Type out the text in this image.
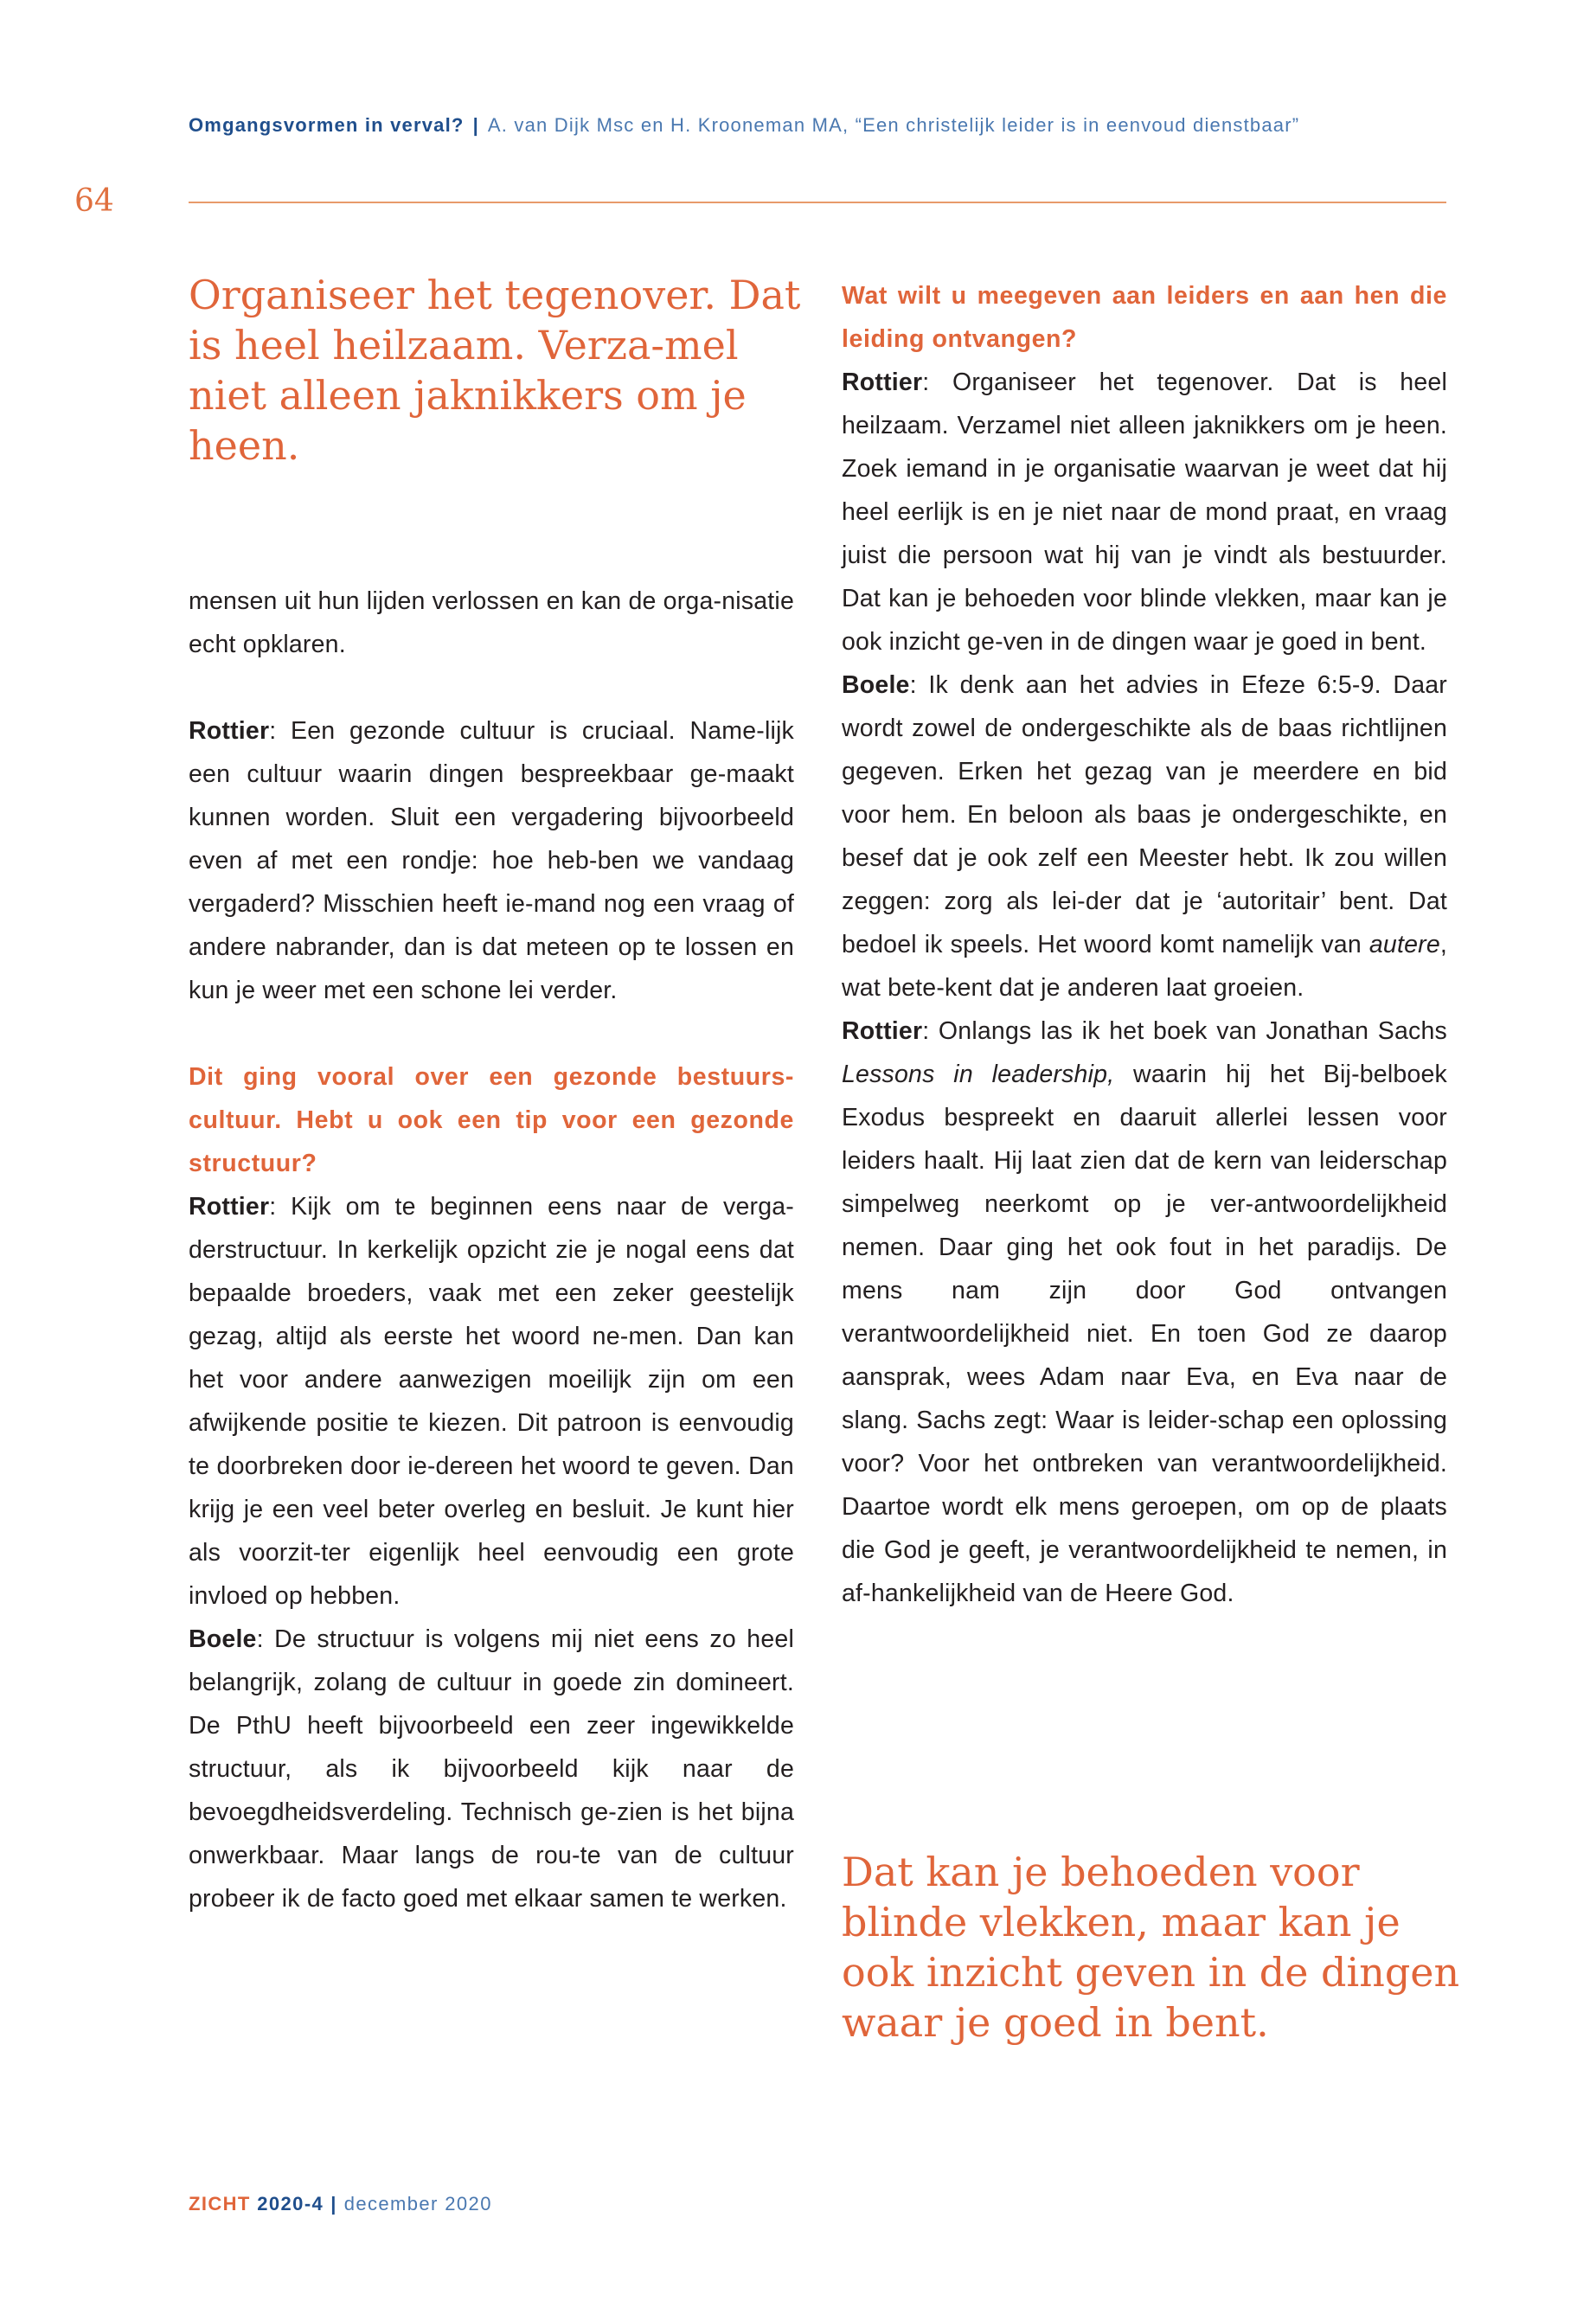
Omgangsvormen in verval? | A. van Dijk Msc en H. Krooneman MA, “Een christelijk leider is in eenvoud dienstbaar”
64

Organiseer het tegenover. Dat is heel heilzaam. Verza-mel niet alleen jaknikkers om je heen.

mensen uit hun lijden verlossen en kan de orga-nisatie echt opklaren.

Rottier: Een gezonde cultuur is cruciaal. Name-lijk een cultuur waarin dingen bespreekbaar ge-maakt kunnen worden. Sluit een vergadering bijvoorbeeld even af met een rondje: hoe heb-ben we vandaag vergaderd? Misschien heeft ie-mand nog een vraag of andere nabrander, dan is dat meteen op te lossen en kun je weer met een schone lei verder.

Dit ging vooral over een gezonde bestuurs-cultuur. Hebt u ook een tip voor een gezonde structuur?

Rottier: Kijk om te beginnen eens naar de verga-derstructuur. In kerkelijk opzicht zie je nogal eens dat bepaalde broeders, vaak met een zeker geestelijk gezag, altijd als eerste het woord ne-men. Dan kan het voor andere aanwezigen moeilijk zijn om een afwijkende positie te kiezen. Dit patroon is eenvoudig te doorbreken door ie-dereen het woord te geven. Dan krijg je een veel beter overleg en besluit. Je kunt hier als voorzit-ter eigenlijk heel eenvoudig een grote invloed op hebben.

Boele: De structuur is volgens mij niet eens zo heel belangrijk, zolang de cultuur in goede zin domineert. De PthU heeft bijvoorbeeld een zeer ingewikkelde structuur, als ik bijvoorbeeld kijk naar de bevoegdheidsverdeling. Technisch ge-zien is het bijna onwerkbaar. Maar langs de rou-te van de cultuur probeer ik de facto goed met elkaar samen te werken.

Wat wilt u meegeven aan leiders en aan hen die leiding ontvangen?

Rottier: Organiseer het tegenover. Dat is heel heilzaam. Verzamel niet alleen jaknikkers om je heen. Zoek iemand in je organisatie waarvan je weet dat hij heel eerlijk is en je niet naar de mond praat, en vraag juist die persoon wat hij van je vindt als bestuurder. Dat kan je behoeden voor blinde vlekken, maar kan je ook inzicht ge-ven in de dingen waar je goed in bent.

Boele: Ik denk aan het advies in Efeze 6:5-9. Daar wordt zowel de ondergeschikte als de baas richtlijnen gegeven. Erken het gezag van je meerdere en bid voor hem. En beloon als baas je ondergeschikte, en besef dat je ook zelf een Meester hebt. Ik zou willen zeggen: zorg als lei-der dat je ‘autoritair’ bent. Dat bedoel ik speels. Het woord komt namelijk van autere, wat bete-kent dat je anderen laat groeien.

Rottier: Onlangs las ik het boek van Jonathan Sachs Lessons in leadership, waarin hij het Bij-belboek Exodus bespreekt en daaruit allerlei lessen voor leiders haalt. Hij laat zien dat de kern van leiderschap simpelweg neerkomt op je ver-antwoordelijkheid nemen. Daar ging het ook fout in het paradijs. De mens nam zijn door God ontvangen verantwoordelijkheid niet. En toen God ze daarop aansprak, wees Adam naar Eva, en Eva naar de slang. Sachs zegt: Waar is leider-schap een oplossing voor? Voor het ontbreken van verantwoordelijkheid. Daartoe wordt elk mens geroepen, om op de plaats die God je geeft, je verantwoordelijkheid te nemen, in af-hankelijkheid van de Heere God.

Dat kan je behoeden voor blinde vlekken, maar kan je ook inzicht geven in de dingen waar je goed in bent.

ZICHT 2020-4 | december 2020
